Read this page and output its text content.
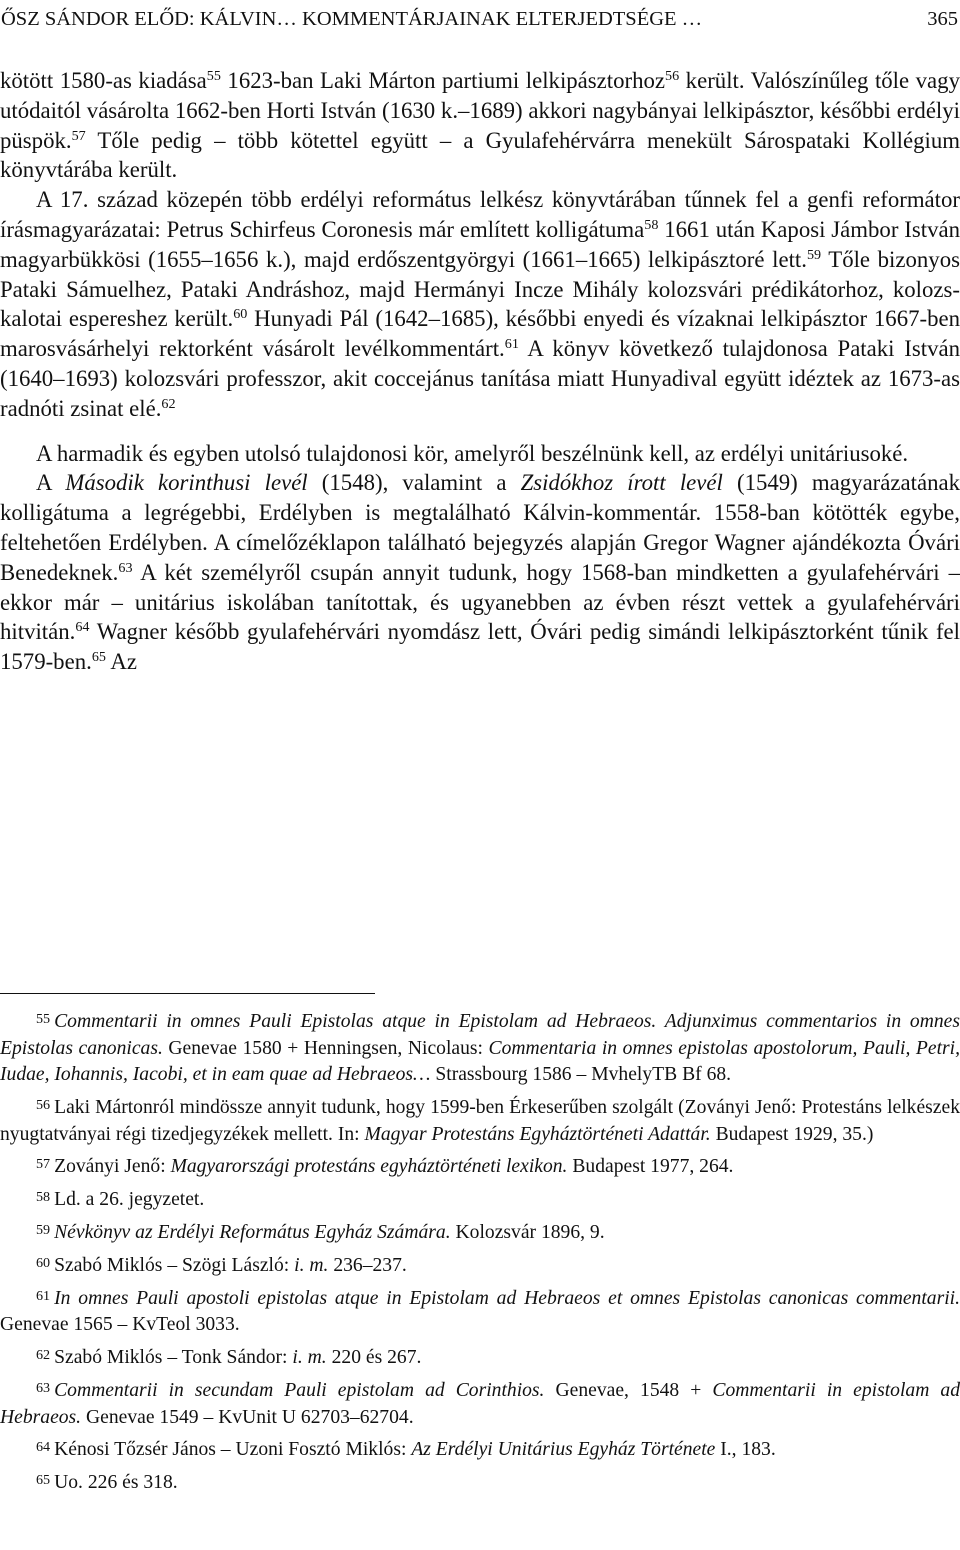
ŐSZ SÁNDOR ELŐD: KÁLVIN… KOMMENTÁRJAINAK ELTERJEDTSÉGE …	365

kötött 1580-as kiadása$^{55}$ 1623-ban Laki Márton partiumi lelkipásztorhoz$^{56}$ került. Valószínűleg tőle vagy utódaitól vásárolta 1662-ben Horti István (1630 k.–1689) akkori nagybányai lelkipásztor, későbbi erdélyi püspök.$^{57}$ Tőle pedig – több kötettel együtt – a Gyulafehérvárra menekült Sárospataki Kollégium könyvtárába került.

A 17. század közepén több erdélyi református lelkész könyvtárában tűnnek fel a genfi reformátor írásmagyarázatai: Petrus Schirfeus Coronesis már említett kolligátuma$^{58}$ 1661 után Kaposi Jámbor István magyarbükkösi (1655–1656 k.), majd erdőszentgyörgyi (1661–1665) lelkipásztoré lett.$^{59}$ Tőle bizonyos Pataki Sámuelhez, Pataki Andráshoz, majd Hermányi Incze Mihály kolozsvári prédikátorhoz, kolozs-kalotai espereshez került.$^{60}$ Hunyadi Pál (1642–1685), későbbi enyedi és vízaknai lelkipásztor 1667-ben marosvásárhelyi rektorként vásárolt levélkommentárt.$^{61}$ A könyv következő tulajdonosa Pataki István (1640–1693) kolozsvári professzor, akit coccejánus tanítása miatt Hunyadival együtt idéztek az 1673-as radnóti zsinat elé.$^{62}$

A harmadik és egyben utolsó tulajdonosi kör, amelyről beszélnünk kell, az erdélyi unitáriusoké.

A Második korinthusi levél (1548), valamint a Zsidókhoz írott levél (1549) magyarázatának kolligátuma a legrégebbi, Erdélyben is megtalálható Kálvin-kommentár. 1558-ban kötötték egybe, feltehetően Erdélyben. A címelőzéklapon található bejegyzés alapján Gregor Wagner ajándékozta Óvári Benedeknek.$^{63}$ A két személyről csupán annyit tudunk, hogy 1568-ban mindketten a gyulafehérvári – ekkor már – unitárius iskolában tanítottak, és ugyanebben az évben részt vettek a gyulafehérvári hitvitán.$^{64}$ Wagner később gyulafehérvári nyomdász lett, Óvári pedig simándi lelkipásztorként tűnik fel 1579-ben.$^{65}$ Az

$^{55}$ Commentarii in omnes Pauli Epistolas atque in Epistolam ad Hebraeos. Adjunximus commentarios in omnes Epistolas canonicas. Genevae 1580 + Henningsen, Nicolaus: Commentaria in omnes epistolas apostolorum, Pauli, Petri, Iudae, Iohannis, Iacobi, et in eam quae ad Hebraeos… Strassbourg 1586 – MvhelyTB Bf 68.

$^{56}$ Laki Mártonról mindössze annyit tudunk, hogy 1599-ben Érkeserűben szolgált (Zoványi Jenő: Protestáns lelkészek nyugtatványai régi tizedjegyzékek mellett. In: Magyar Protestáns Egyháztörténeti Adattár. Budapest 1929, 35.)

$^{57}$ Zoványi Jenő: Magyarországi protestáns egyháztörténeti lexikon. Budapest 1977, 264.

$^{58}$ Ld. a 26. jegyzetet.

$^{59}$ Névkönyv az Erdélyi Református Egyház Számára. Kolozsvár 1896, 9.

$^{60}$ Szabó Miklós – Szögi László: i. m. 236–237.

$^{61}$ In omnes Pauli apostoli epistolas atque in Epistolam ad Hebraeos et omnes Epistolas canonicas commentarii. Genevae 1565 – KvTeol 3033.

$^{62}$ Szabó Miklós – Tonk Sándor: i. m. 220 és 267.

$^{63}$ Commentarii in secundam Pauli epistolam ad Corinthios. Genevae, 1548 + Commentarii in epistolam ad Hebraeos. Genevae 1549 – KvUnit U 62703–62704.

$^{64}$ Kénosi Tőzsér János – Uzoni Fosztó Miklós: Az Erdélyi Unitárius Egyház Története I., 183.

$^{65}$ Uo. 226 és 318.
